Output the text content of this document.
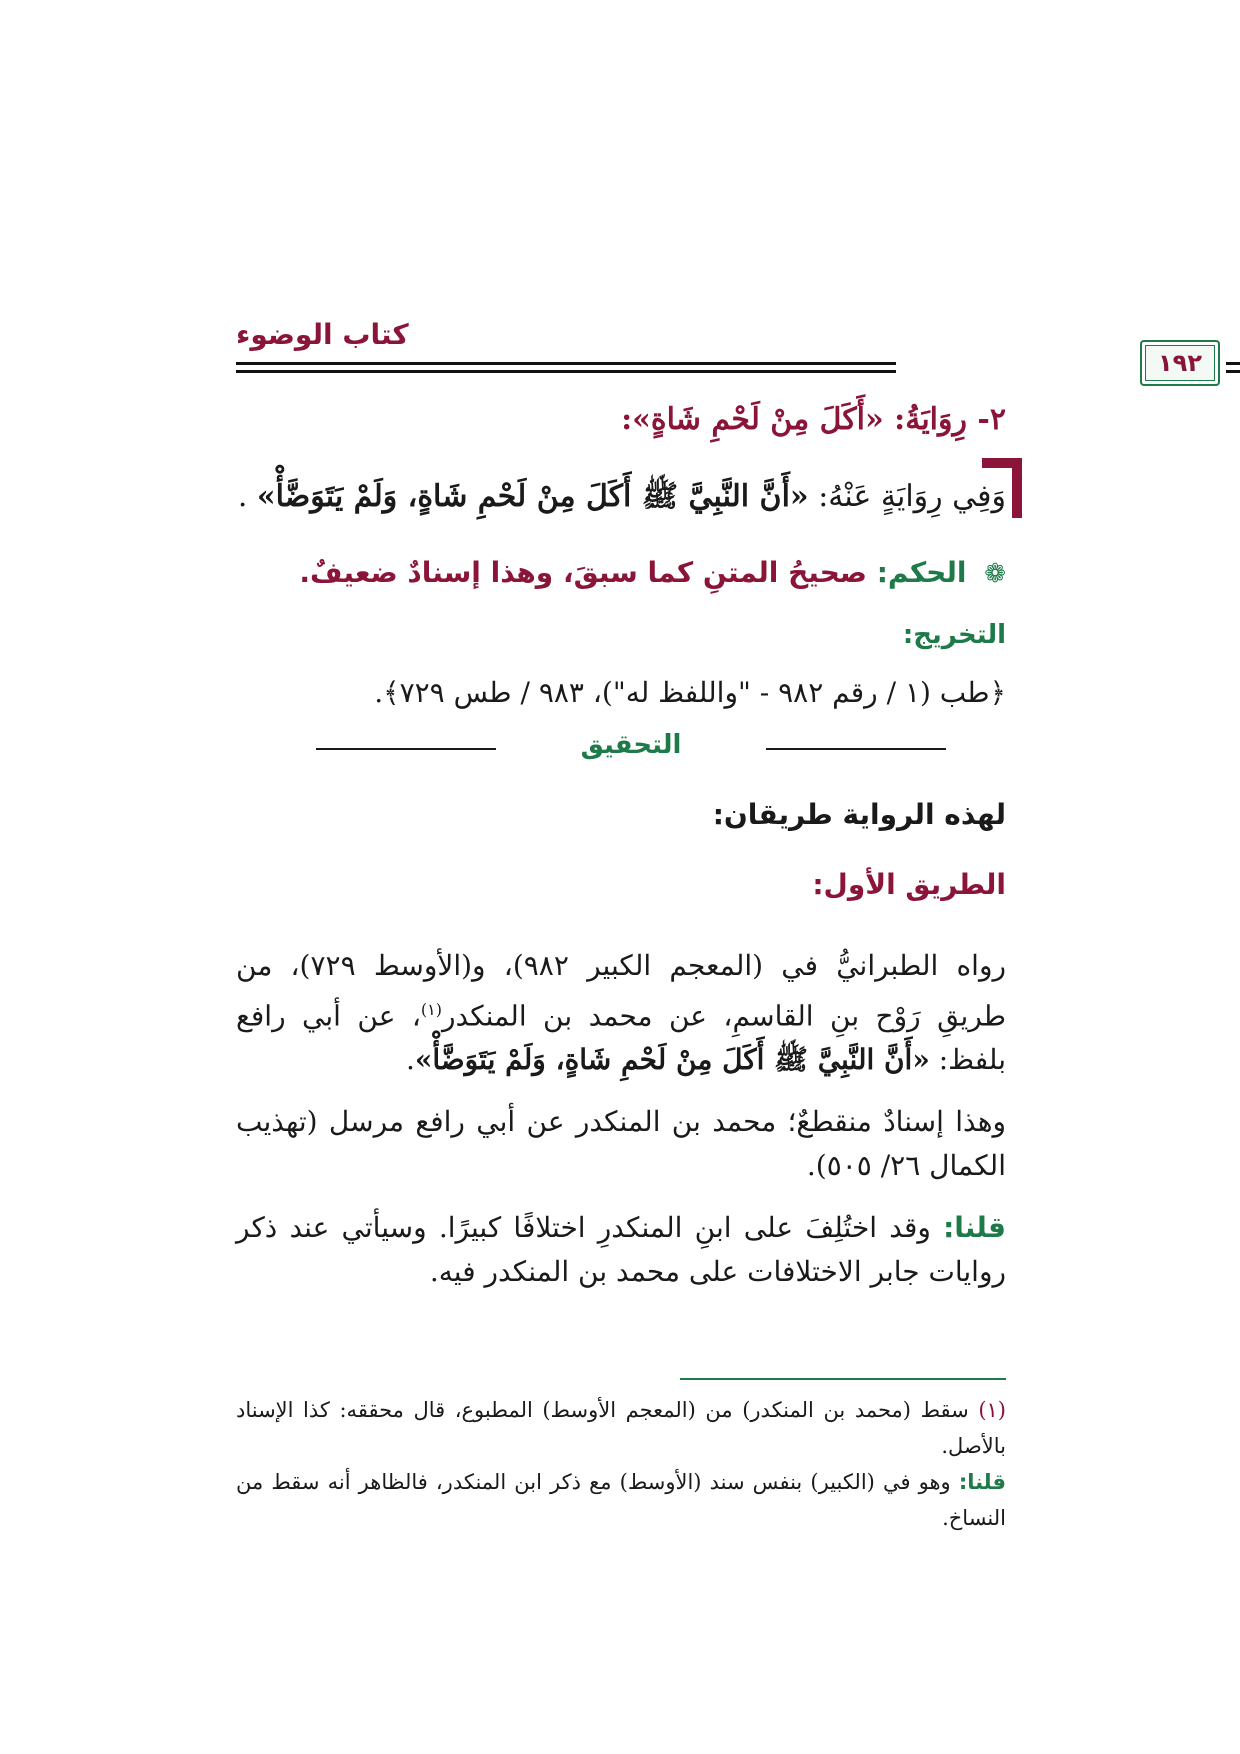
كتاب الوضوء
١٩٢
٢- رِوَايَةُ: «أَكَلَ مِنْ لَحْمِ شَاةٍ»:
وَفِي رِوَايَةٍ عَنْهُ: «أَنَّ النَّبِيَّ ﷺ أَكَلَ مِنْ لَحْمِ شَاةٍ، وَلَمْ يَتَوَضَّأْ» .
❁ الحكم: صحيحُ المتنِ كما سبقَ، وهذا إسنادٌ ضعيفٌ.
التخريج:
﴿طب (١ / رقم ٩٨٢ - "واللفظ له")، ٩٨٣ / طس ٧٢٩﴾.
التحقيق
لهذه الرواية طريقان:
الطريق الأول:
رواه الطبرانيُّ في (المعجم الكبير ٩٨٢)، و(الأوسط ٧٢٩)، من طريقِ رَوْح بنِ القاسمِ، عن محمد بن المنكدر$^{(١)}$، عن أبي رافع بلفظ: «أَنَّ النَّبِيَّ ﷺ أَكَلَ مِنْ لَحْمِ شَاةٍ، وَلَمْ يَتَوَضَّأْ».
وهذا إسنادٌ منقطعٌ؛ محمد بن المنكدر عن أبي رافع مرسل (تهذيب الكمال ٢٦/ ٥٠٥).
قلنا: وقد اختُلِفَ على ابنِ المنكدرِ اختلافًا كبيرًا. وسيأتي عند ذكر روايات جابر الاختلافات على محمد بن المنكدر فيه.
(١) سقط (محمد بن المنكدر) من (المعجم الأوسط) المطبوع، قال محققه: كذا الإسناد بالأصل.
قلنا: وهو في (الكبير) بنفس سند (الأوسط) مع ذكر ابن المنكدر، فالظاهر أنه سقط من النساخ.
